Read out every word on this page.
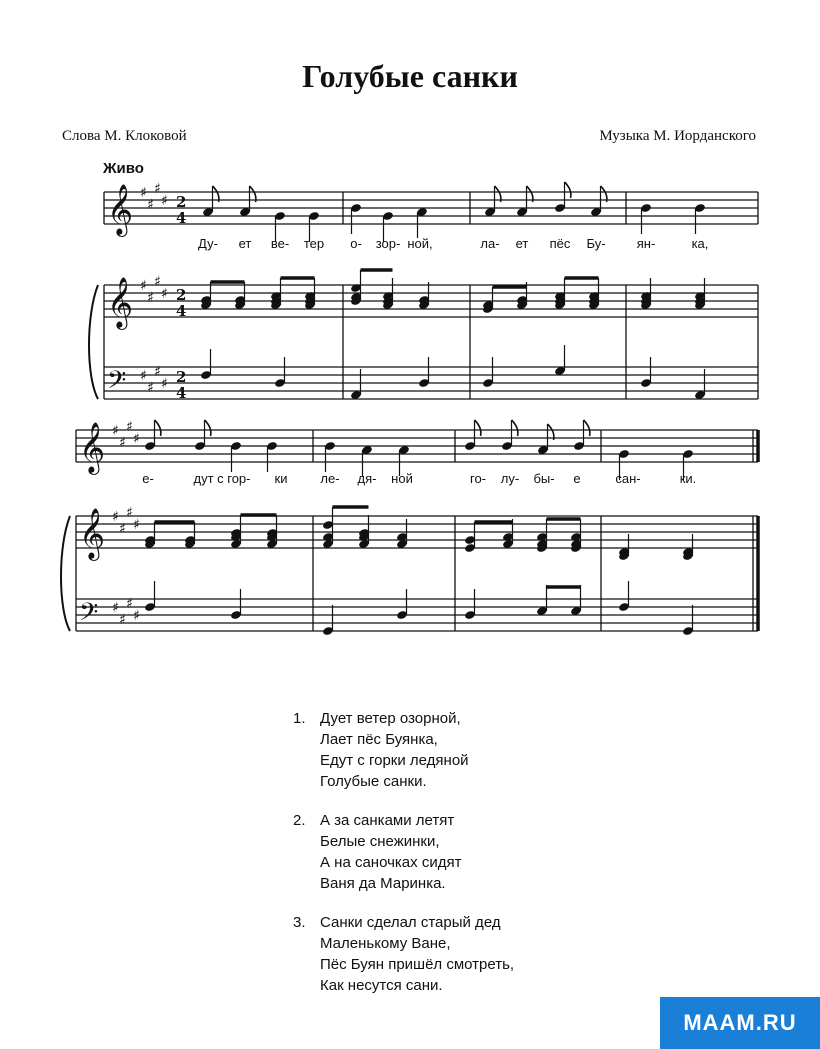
Голубые санки
Слова М. Клоковой	Музыка М. Иорданского
Живо
𝄞
𝄞
𝄢
♯
♯
♯
♯
♯
♯
♯
♯
♯
♯
♯
♯
2
4
2
4
2
4
Ду- ет ве- тер о- зор- ной,	ла- ет пёс Бу- ян-	ка,
𝄞
𝄞
𝄢
♯
♯
♯
♯
♯
♯
♯
♯
♯
♯
♯
♯
е-	дут с гор- ки	ле- дя- ной	го- лу- бы- е	сан-	ки.
1. Дует ветер озорной,
Лает пёс Буянка,
Едут с горки ледяной
Голубые санки.
2. А за санками летят
Белые снежинки,
А на саночках сидят
Ваня да Маринка.
3. Санки сделал старый дед
Маленькому Ване,
Пёс Буян пришёл смотреть,
Как несутся сани.
MAAM.RU
